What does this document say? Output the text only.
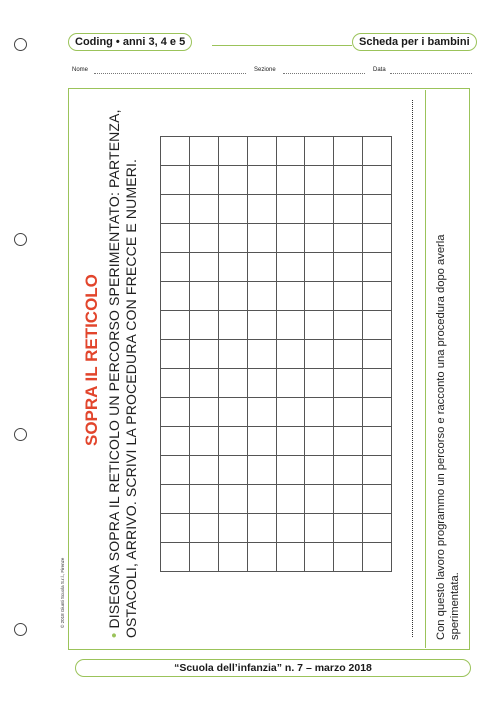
Coding • anni 3, 4 e 5	Scheda per i bambini
Nome	Sezione	Data
SOPRA IL RETICOLO
• DISEGNA SOPRA IL RETICOLO UN PERCORSO SPERIMENTATO: PARTENZA, OSTACOLI, ARRIVO. SCRIVI LA PROCEDURA CON FRECCE E NUMERI.	Con questo lavoro programmo un percorso e racconto una procedura dopo averla sperimentata.
© 2018 Giunti Scuola S.r.l., Firenze
“Scuola dell’infanzia” n. 7 – marzo 2018
